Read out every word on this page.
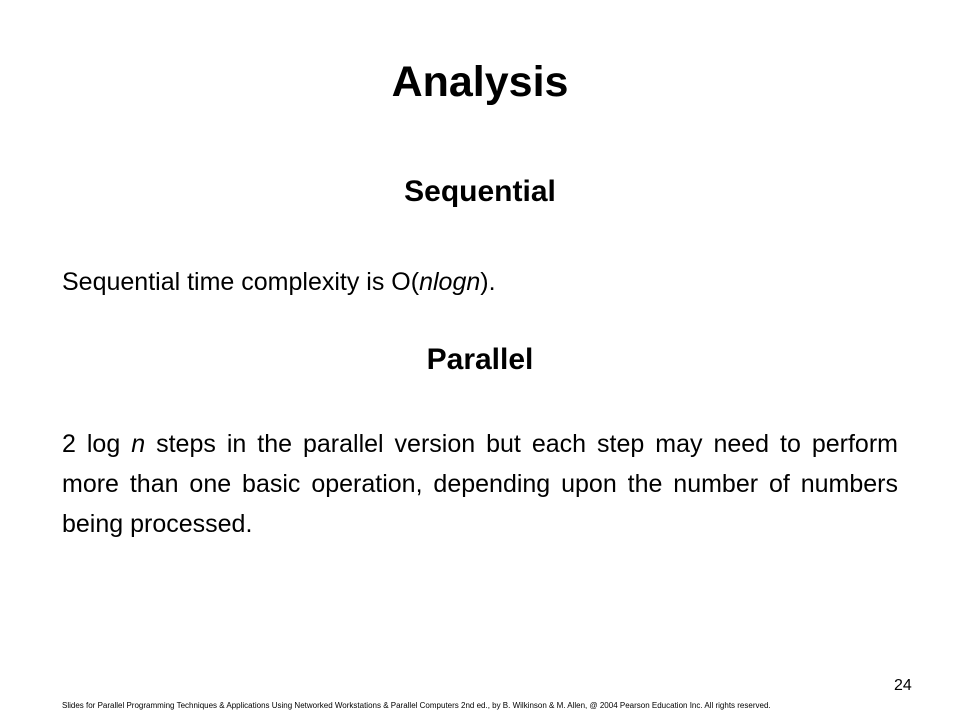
Analysis
Sequential
Sequential time complexity is O(nlogn).
Parallel
2 log n steps in the parallel version but each step may need to perform more than one basic operation, depending upon the number of numbers being processed.
24
Slides for Parallel Programming Techniques & Applications Using Networked Workstations & Parallel Computers 2nd ed., by B. Wilkinson & M. Allen, @ 2004 Pearson Education Inc. All rights reserved.
